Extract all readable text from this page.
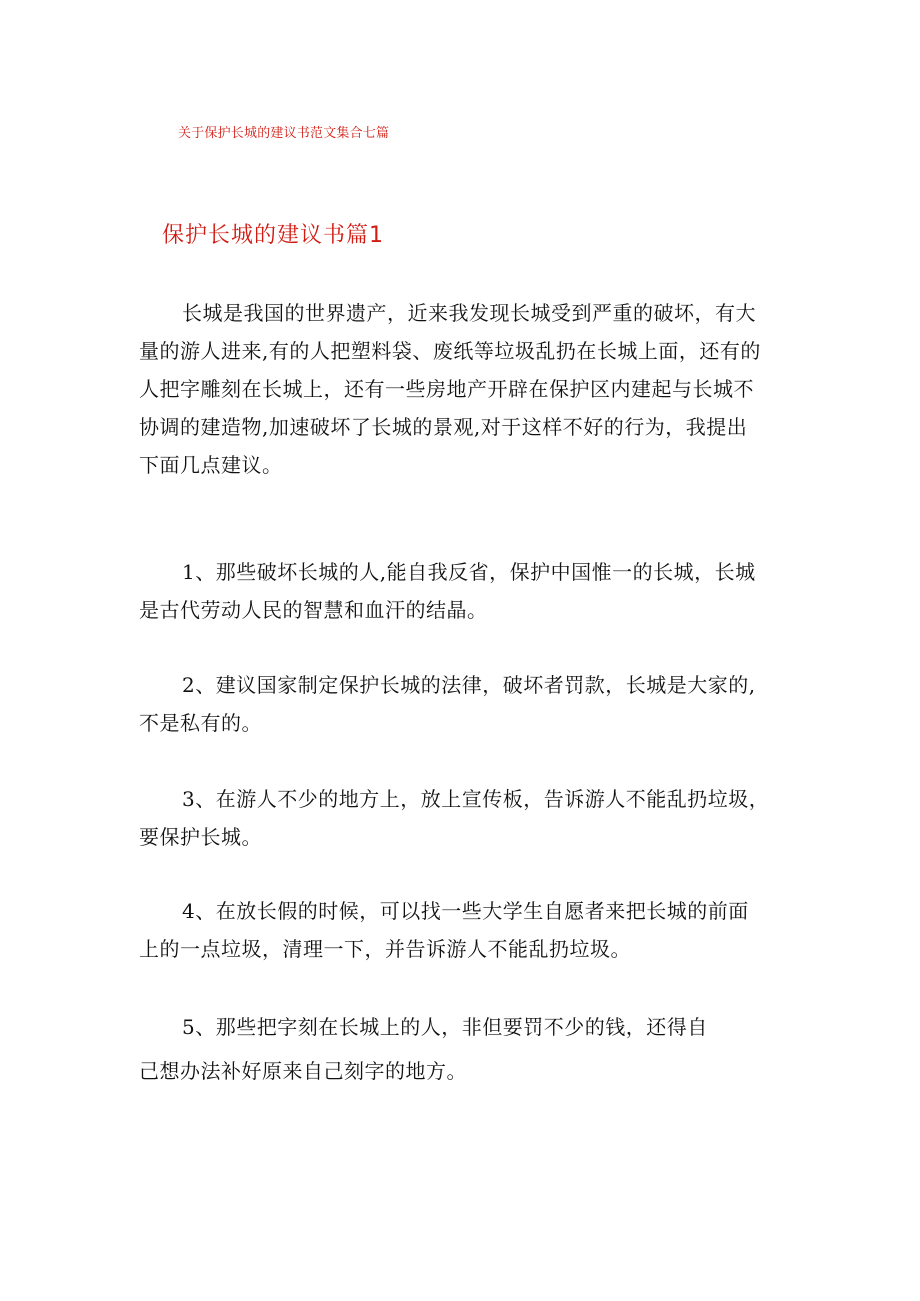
关于保护长城的建议书范文集合七篇
保护长城的建议书篇1

长城是我国的世界遗产，近来我发现长城受到严重的破坏，有大
量的游人进来,有的人把塑料袋、废纸等垃圾乱扔在长城上面，还有的
人把字雕刻在长城上，还有一些房地产开辟在保护区内建起与长城不
协调的建造物,加速破坏了长城的景观,对于这样不好的行为，我提出
下面几点建议。

1、那些破坏长城的人,能自我反省，保护中国惟一的长城，长城
是古代劳动人民的智慧和血汗的结晶。

2、建议国家制定保护长城的法律，破坏者罚款，长城是大家的,
不是私有的。

3、在游人不少的地方上，放上宣传板，告诉游人不能乱扔垃圾，
要保护长城。

4、在放长假的时候，可以找一些大学生自愿者来把长城的前面
上的一点垃圾，清理一下，并告诉游人不能乱扔垃圾。

5、那些把字刻在长城上的人，非但要罚不少的钱，还得自
己想办法补好原来自己刻字的地方。
